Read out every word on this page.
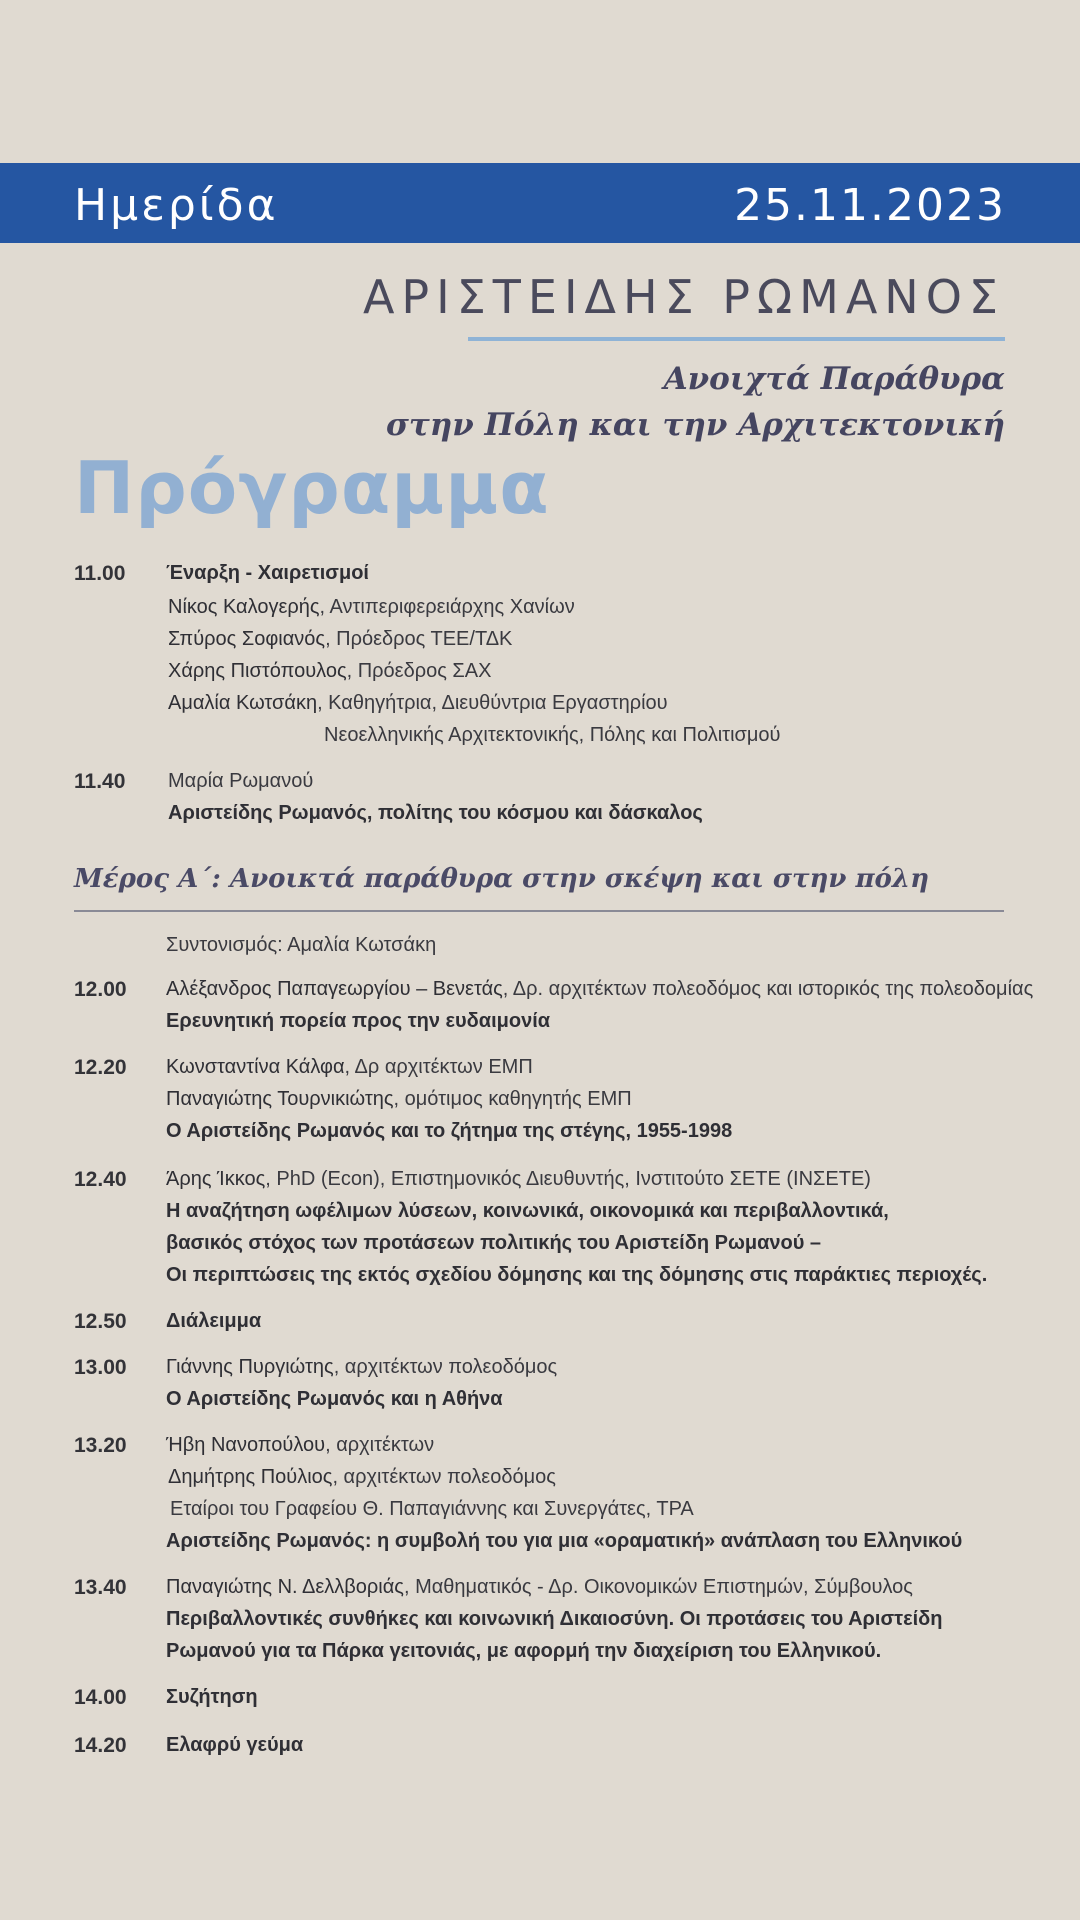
Ημερίδα	25.11.2023
ΑΡΙΣΤΕΙΔΗΣ ΡΩΜΑΝΟΣ
Ανοιχτά Παράθυρα
στην Πόλη και την Αρχιτεκτονική
Πρόγραμμα
11.00 Έναρξη - Χαιρετισμοί
Νίκος Καλογερής, Αντιπεριφερειάρχης Χανίων
Σπύρος Σοφιανός, Πρόεδρος ΤΕΕ/ΤΔΚ
Χάρης Πιστόπουλος, Πρόεδρος ΣΑΧ
Αμαλία Κωτσάκη, Καθηγήτρια, Διευθύντρια Εργαστηρίου
Νεοελληνικής Αρχιτεκτονικής, Πόλης και Πολιτισμού
11.40 Μαρία Ρωμανού
Αριστείδης Ρωμανός, πολίτης του κόσμου και δάσκαλος
Μέρος Α΄: Ανοικτά παράθυρα στην σκέψη και στην πόλη
Συντονισμός: Αμαλία Κωτσάκη
12.00 Αλέξανδρος Παπαγεωργίου – Βενετάς, Δρ. αρχιτέκτων πολεοδόμος και ιστορικός της πολεοδομίας
Ερευνητική πορεία προς την ευδαιμονία
12.20 Κωνσταντίνα Κάλφα, Δρ αρχιτέκτων ΕΜΠ
Παναγιώτης Τουρνικιώτης, ομότιμος καθηγητής ΕΜΠ
Ο Αριστείδης Ρωμανός και το ζήτημα της στέγης, 1955-1998
12.40 Άρης Ίκκος, PhD (Econ), Επιστημονικός Διευθυντής, Ινστιτούτο ΣΕΤΕ (ΙΝΣΕΤΕ)
Η αναζήτηση ωφέλιμων λύσεων, κοινωνικά, οικονομικά και περιβαλλοντικά,
βασικός στόχος των προτάσεων πολιτικής του Αριστείδη Ρωμανού –
Οι περιπτώσεις της εκτός σχεδίου δόμησης και της δόμησης στις παράκτιες περιοχές.
12.50 Διάλειμμα
13.00 Γιάννης Πυργιώτης, αρχιτέκτων πολεοδόμος
Ο Αριστείδης Ρωμανός και η Αθήνα
13.20 Ήβη Νανοπούλου, αρχιτέκτων
Δημήτρης Πούλιος, αρχιτέκτων πολεοδόμος
Εταίροι του Γραφείου Θ. Παπαγιάννης και Συνεργάτες, ΤΡΑ
Αριστείδης Ρωμανός: η συμβολή του για μια «οραματική» ανάπλαση του Ελληνικού
13.40 Παναγιώτης Ν. Δελλβοριάς, Μαθηματικός - Δρ. Οικονομικών Επιστημών, Σύμβουλος
Περιβαλλοντικές συνθήκες και κοινωνική Δικαιοσύνη. Οι προτάσεις του Αριστείδη
Ρωμανού για τα Πάρκα γειτονιάς, με αφορμή την διαχείριση του Ελληνικού.
14.00 Συζήτηση
14.20 Ελαφρύ γεύμα
